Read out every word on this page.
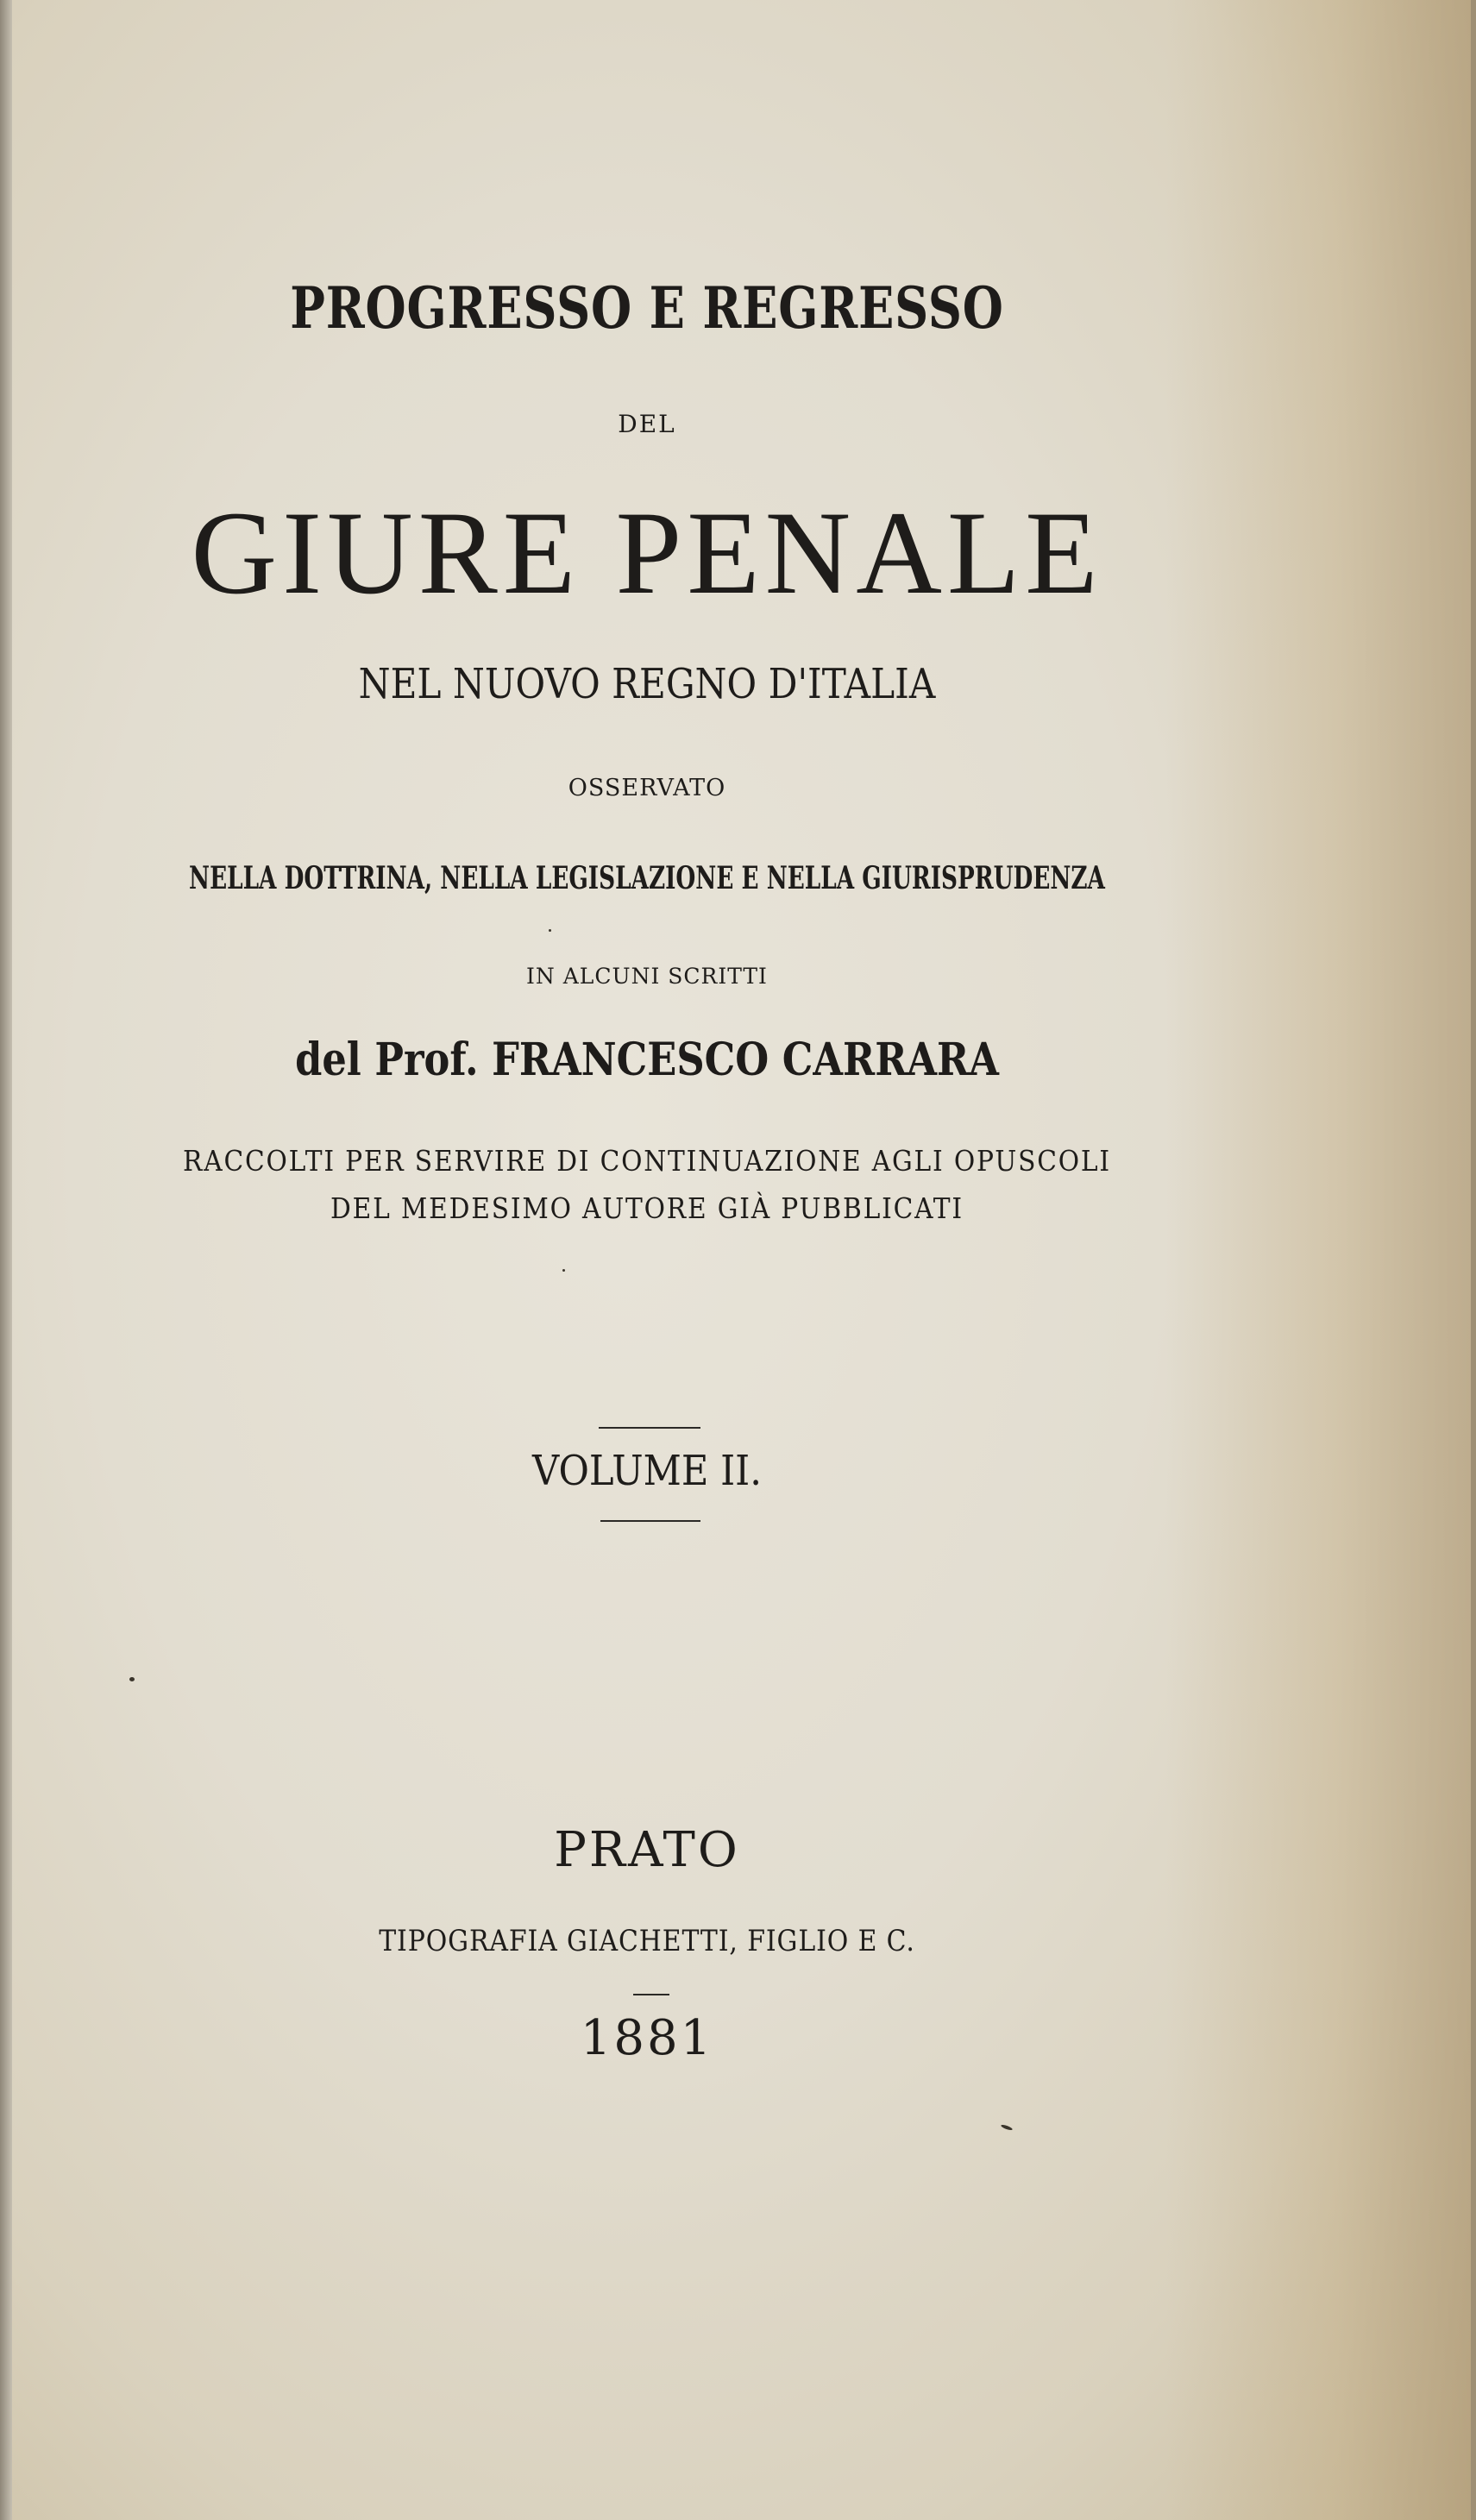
PROGRESSO E REGRESSO

DEL

GIURE PENALE

NEL NUOVO REGNO D'ITALIA

OSSERVATO

NELLA DOTTRINA, NELLA LEGISLAZIONE E NELLA GIURISPRUDENZA

IN ALCUNI SCRITTI

del Prof. FRANCESCO CARRARA

RACCOLTI PER SERVIRE DI CONTINUAZIONE AGLI OPUSCOLI

DEL MEDESIMO AUTORE GIÀ PUBBLICATI

VOLUME II.

PRATO

TIPOGRAFIA GIACHETTI, FIGLIO E C.

1881
